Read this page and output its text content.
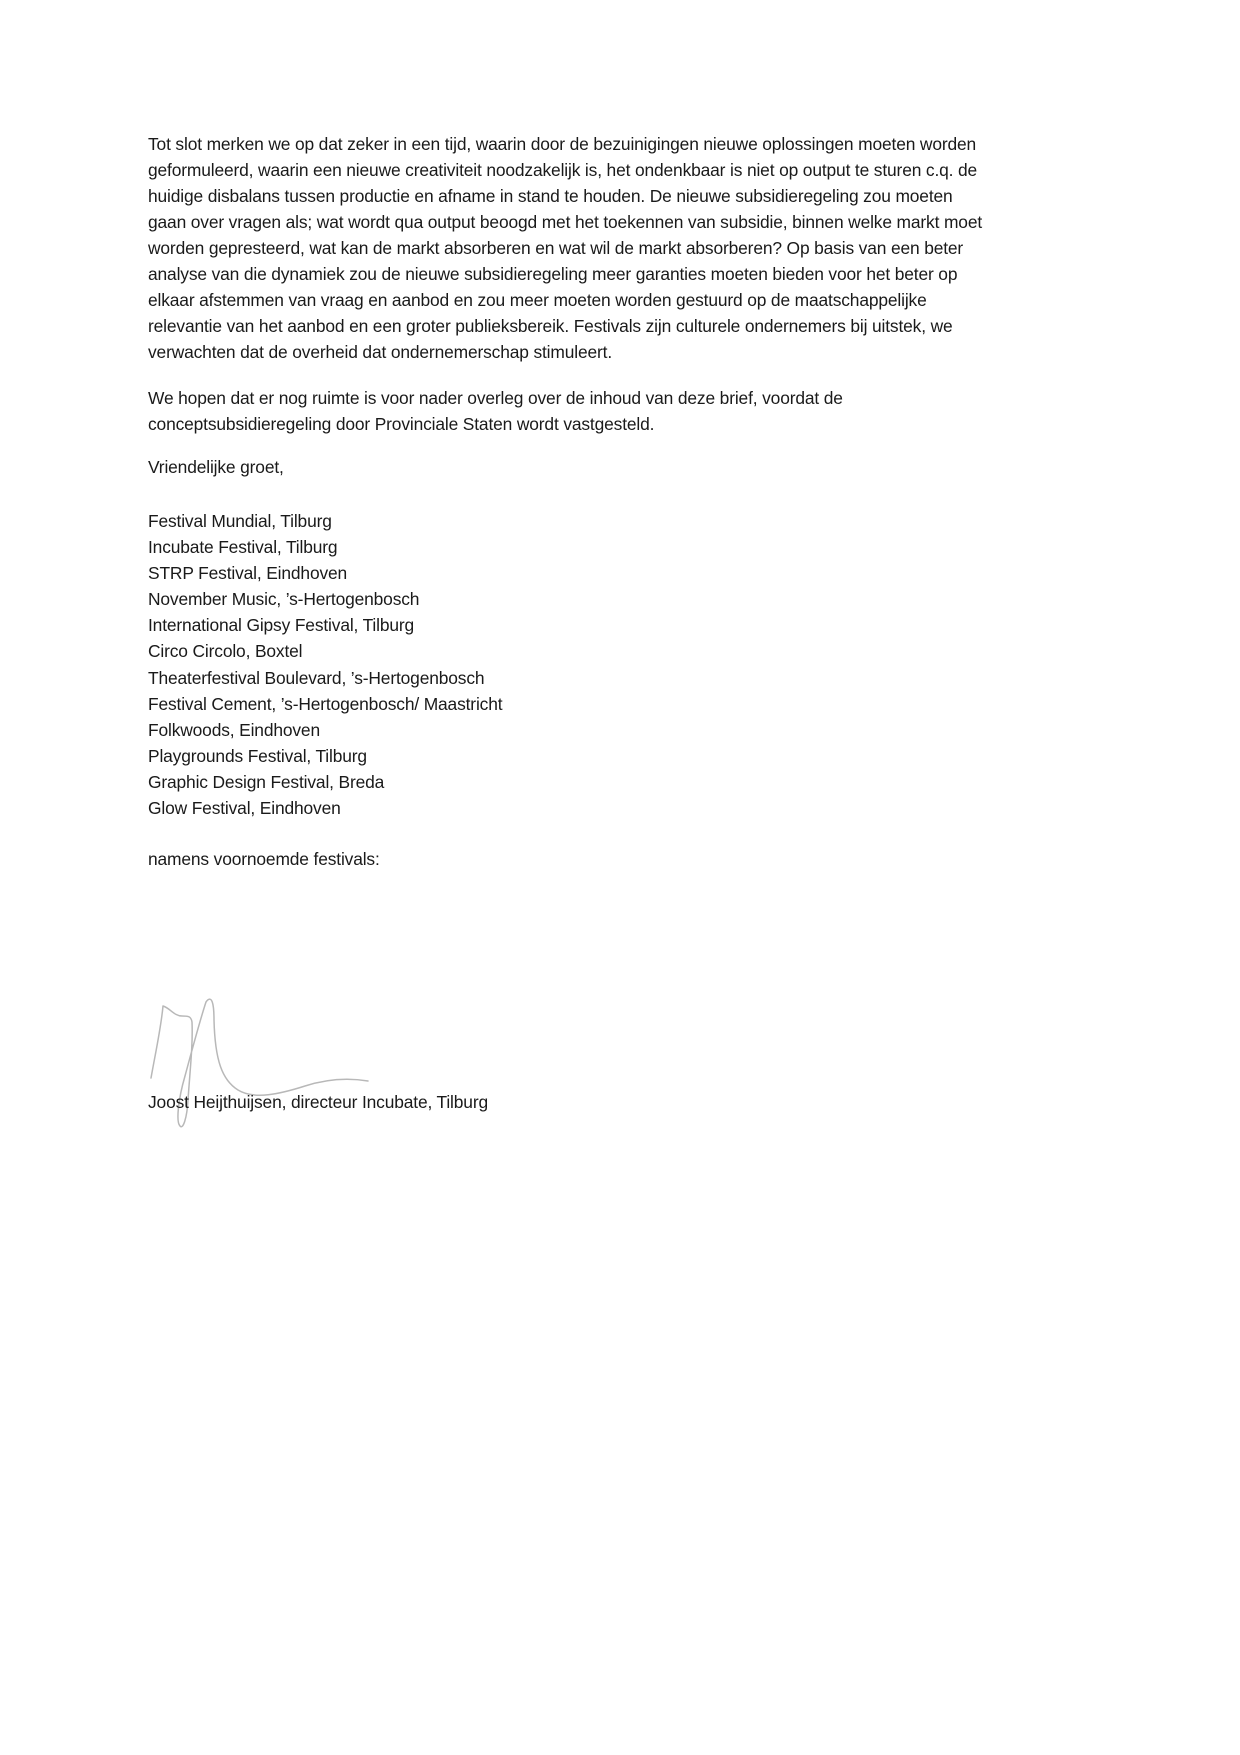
Tot slot merken we op dat zeker in een tijd, waarin door de bezuinigingen nieuwe oplossingen moeten worden
geformuleerd, waarin een nieuwe creativiteit noodzakelijk is, het ondenkbaar is niet op output te sturen c.q. de
huidige disbalans tussen productie en afname in stand te houden. De nieuwe subsidieregeling zou moeten
gaan over vragen als; wat wordt qua output beoogd met het toekennen van subsidie, binnen welke markt moet
worden gepresteerd, wat kan de markt absorberen en wat wil de markt absorberen? Op basis van een beter
analyse van die dynamiek zou de nieuwe subsidieregeling meer garanties moeten bieden voor het beter op
elkaar afstemmen van vraag en aanbod en zou meer moeten worden gestuurd op de maatschappelijke
relevantie van het aanbod en een groter publieksbereik. Festivals zijn culturele ondernemers bij uitstek, we
verwachten dat de overheid dat ondernemerschap stimuleert.
We hopen dat er nog ruimte is voor nader overleg over de inhoud van deze brief, voordat de
conceptsubsidieregeling door Provinciale Staten wordt vastgesteld.
Vriendelijke groet,
Festival Mundial, Tilburg
Incubate Festival, Tilburg
STRP Festival, Eindhoven
November Music, ’s-Hertogenbosch
International Gipsy Festival, Tilburg
Circo Circolo, Boxtel
Theaterfestival Boulevard, ’s-Hertogenbosch
Festival Cement, ’s-Hertogenbosch/ Maastricht
Folkwoods, Eindhoven
Playgrounds Festival, Tilburg
Graphic Design Festival, Breda
Glow Festival, Eindhoven
namens voornoemde festivals:
Joost Heijthuijsen, directeur Incubate, Tilburg
